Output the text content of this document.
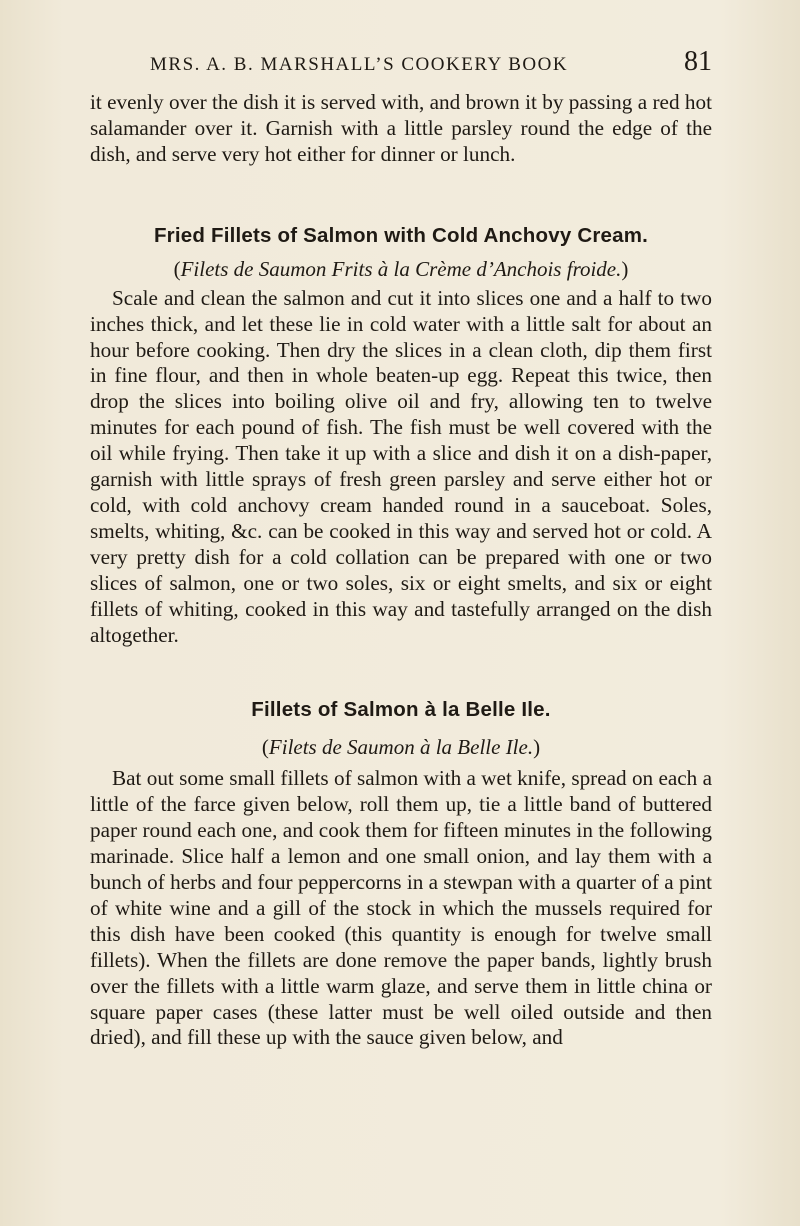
MRS. A. B. MARSHALL’S COOKERY BOOK	81

it evenly over the dish it is served with, and brown it by passing a red hot salamander over it. Garnish with a little parsley round the edge of the dish, and serve very hot either for dinner or lunch.

Fried Fillets of Salmon with Cold Anchovy Cream.
(Filets de Saumon Frits à la Crème d’Anchois froide.)

Scale and clean the salmon and cut it into slices one and a half to two inches thick, and let these lie in cold water with a little salt for about an hour before cooking. Then dry the slices in a clean cloth, dip them first in fine flour, and then in whole beaten-up egg. Repeat this twice, then drop the slices into boiling olive oil and fry, allowing ten to twelve minutes for each pound of fish. The fish must be well covered with the oil while frying. Then take it up with a slice and dish it on a dish-paper, garnish with little sprays of fresh green parsley and serve either hot or cold, with cold anchovy cream handed round in a sauceboat. Soles, smelts, whiting, &c. can be cooked in this way and served hot or cold. A very pretty dish for a cold collation can be prepared with one or two slices of salmon, one or two soles, six or eight smelts, and six or eight fillets of whiting, cooked in this way and tastefully arranged on the dish altogether.

Fillets of Salmon à la Belle Ile.
(Filets de Saumon à la Belle Ile.)

Bat out some small fillets of salmon with a wet knife, spread on each a little of the farce given below, roll them up, tie a little band of buttered paper round each one, and cook them for fifteen minutes in the following marinade. Slice half a lemon and one small onion, and lay them with a bunch of herbs and four peppercorns in a stewpan with a quarter of a pint of white wine and a gill of the stock in which the mussels required for this dish have been cooked (this quantity is enough for twelve small fillets). When the fillets are done remove the paper bands, lightly brush over the fillets with a little warm glaze, and serve them in little china or square paper cases (these latter must be well oiled outside and then dried), and fill these up with the sauce given below, and
